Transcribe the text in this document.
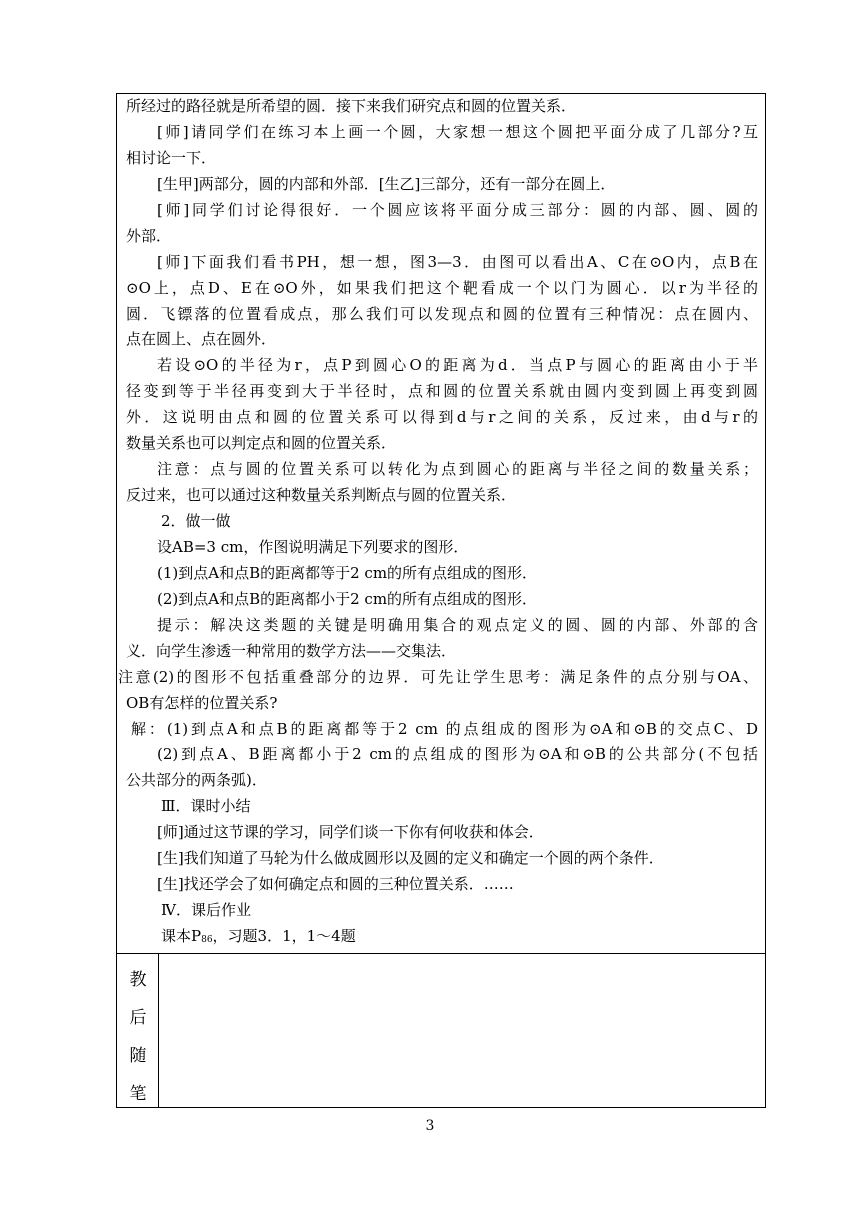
所经过的路径就是所希望的圆．接下来我们研究点和圆的位置关系．
[师]请同学们在练习本上画一个圆，大家想一想这个圆把平面分成了几部分?互
相讨论一下．
[生甲]两部分，圆的内部和外部．[生乙]三部分，还有一部分在圆上．
[师]同学们讨论得很好．一个圆应该将平面分成三部分：圆的内部、圆、圆的
外部．
[师]下面我们看书PH，想一想，图3—3．由图可以看出A、C在⊙O内，点B在
⊙O上，点D、E在⊙O外，如果我们把这个靶看成一个以门为圆心．以r为半径的
圆．飞镖落的位置看成点，那么我们可以发现点和圆的位置有三种情况：点在圆内、
点在圆上、点在圆外．
若设⊙O的半径为r，点P到圆心O的距离为d．当点P与圆心的距离由小于半
径变到等于半径再变到大于半径时，点和圆的位置关系就由圆内变到圆上再变到圆
外．这说明由点和圆的位置关系可以得到d与r之间的关系，反过来，由d与r的
数量关系也可以判定点和圆的位置关系．
注意：点与圆的位置关系可以转化为点到圆心的距离与半径之间的数量关系；
反过来，也可以通过这种数量关系判断点与圆的位置关系．
2．做一做
设AB=3 cm，作图说明满足下列要求的图形．
(1)到点A和点B的距离都等于2 cm的所有点组成的图形．
(2)到点A和点B的距离都小于2 cm的所有点组成的图形．
提示：解决这类题的关键是明确用集合的观点定义的圆、圆的内部、外部的含
义．向学生渗透一种常用的数学方法——交集法．
注意(2)的图形不包括重叠部分的边界．可先让学生思考：满足条件的点分别与OA、
OB有怎样的位置关系?
解：(1)到点A和点B的距离都等于2 cm 的点组成的图形为⊙A和⊙B的交点C、D
(2)到点A、B距离都小于2 cm的点组成的图形为⊙A和⊙B的公共部分(不包括
公共部分的两条弧)．
Ⅲ．课时小结
[师]通过这节课的学习，同学们谈一下你有何收获和体会．
[生]我们知道了马轮为什么做成圆形以及圆的定义和确定一个圆的两个条件．
[生]找还学会了如何确定点和圆的三种位置关系．……
Ⅳ．课后作业
课本$P_{86}$，习题3．1，1～4题
教
后
随
笔
3
